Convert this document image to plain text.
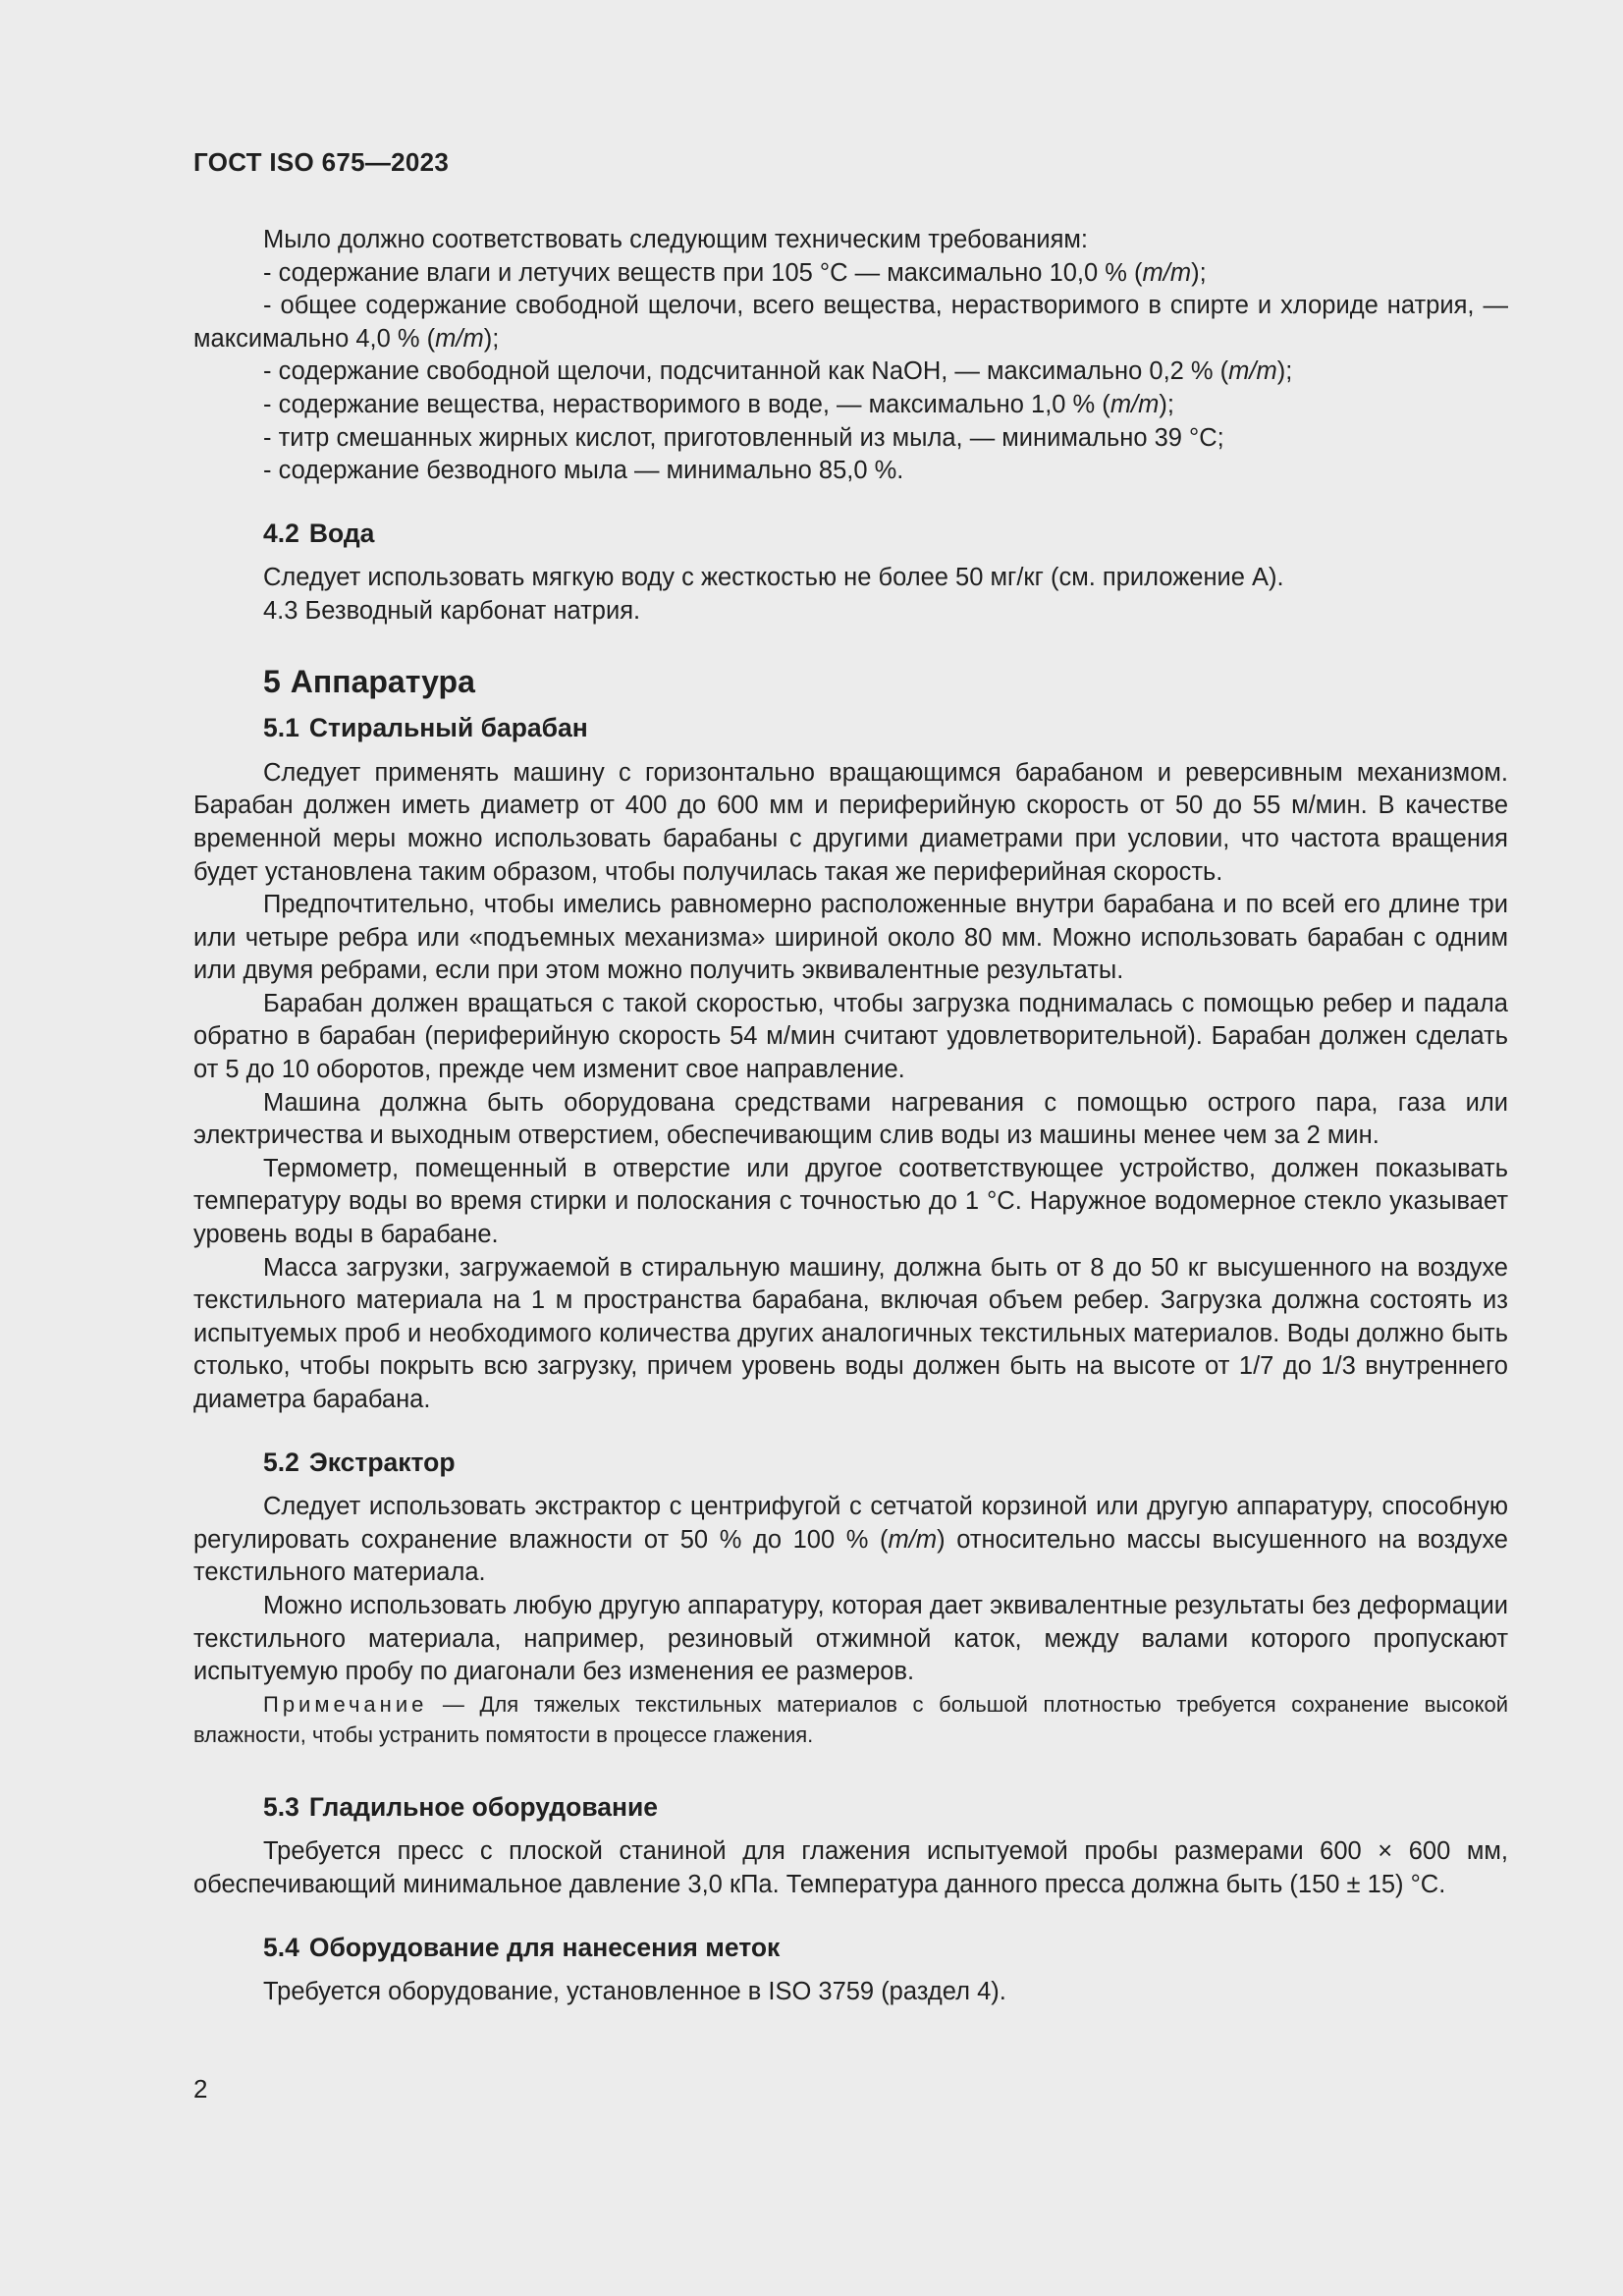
ГОСТ ISO 675—2023

Мыло должно соответствовать следующим техническим требованиям:

- содержание влаги и летучих веществ при 105 °С — максимально 10,0 % (m/m);

- общее содержание свободной щелочи, всего вещества, нерастворимого в спирте и хлориде натрия, — максимально 4,0 % (m/m);

- содержание свободной щелочи, подсчитанной как NaOH, — максимально 0,2 % (m/m);

- содержание вещества, нерастворимого в воде, — максимально 1,0 % (m/m);

- титр смешанных жирных кислот, приготовленный из мыла, — минимально 39 °С;

- содержание безводного мыла — минимально 85,0 %.

4.2 Вода

Следует использовать мягкую воду с жесткостью не более 50 мг/кг (см. приложение А).

4.3 Безводный карбонат натрия.

5 Аппаратура
5.1 Стиральный барабан

Следует применять машину с горизонтально вращающимся барабаном и реверсивным механизмом. Барабан должен иметь диаметр от 400 до 600 мм и периферийную скорость от 50 до 55 м/мин. В качестве временной меры можно использовать барабаны с другими диаметрами при условии, что частота вращения будет установлена таким образом, чтобы получилась такая же периферийная скорость.

Предпочтительно, чтобы имелись равномерно расположенные внутри барабана и по всей его длине три или четыре ребра или «подъемных механизма» шириной около 80 мм. Можно использовать барабан с одним или двумя ребрами, если при этом можно получить эквивалентные результаты.

Барабан должен вращаться с такой скоростью, чтобы загрузка поднималась с помощью ребер и падала обратно в барабан (периферийную скорость 54 м/мин считают удовлетворительной). Барабан должен сделать от 5 до 10 оборотов, прежде чем изменит свое направление.

Машина должна быть оборудована средствами нагревания с помощью острого пара, газа или электричества и выходным отверстием, обеспечивающим слив воды из машины менее чем за 2 мин.

Термометр, помещенный в отверстие или другое соответствующее устройство, должен показывать температуру воды во время стирки и полоскания с точностью до 1 °С. Наружное водомерное стекло указывает уровень воды в барабане.

Масса загрузки, загружаемой в стиральную машину, должна быть от 8 до 50 кг высушенного на воздухе текстильного материала на 1 м пространства барабана, включая объем ребер. Загрузка должна состоять из испытуемых проб и необходимого количества других аналогичных текстильных материалов. Воды должно быть столько, чтобы покрыть всю загрузку, причем уровень воды должен быть на высоте от 1/7 до 1/3 внутреннего диаметра барабана.

5.2 Экстрактор

Следует использовать экстрактор с центрифугой с сетчатой корзиной или другую аппаратуру, способную регулировать сохранение влажности от 50 % до 100 % (m/m) относительно массы высушенного на воздухе текстильного материала.

Можно использовать любую другую аппаратуру, которая дает эквивалентные результаты без деформации текстильного материала, например, резиновый отжимной каток, между валами которого пропускают испытуемую пробу по диагонали без изменения ее размеров.

Примечание — Для тяжелых текстильных материалов с большой плотностью требуется сохранение высокой влажности, чтобы устранить помятости в процессе глажения.

5.3 Гладильное оборудование

Требуется пресс с плоской станиной для глажения испытуемой пробы размерами 600 × 600 мм, обеспечивающий минимальное давление 3,0 кПа. Температура данного пресса должна быть (150 ± 15) °С.

5.4 Оборудование для нанесения меток

Требуется оборудование, установленное в ISO 3759 (раздел 4).

2
